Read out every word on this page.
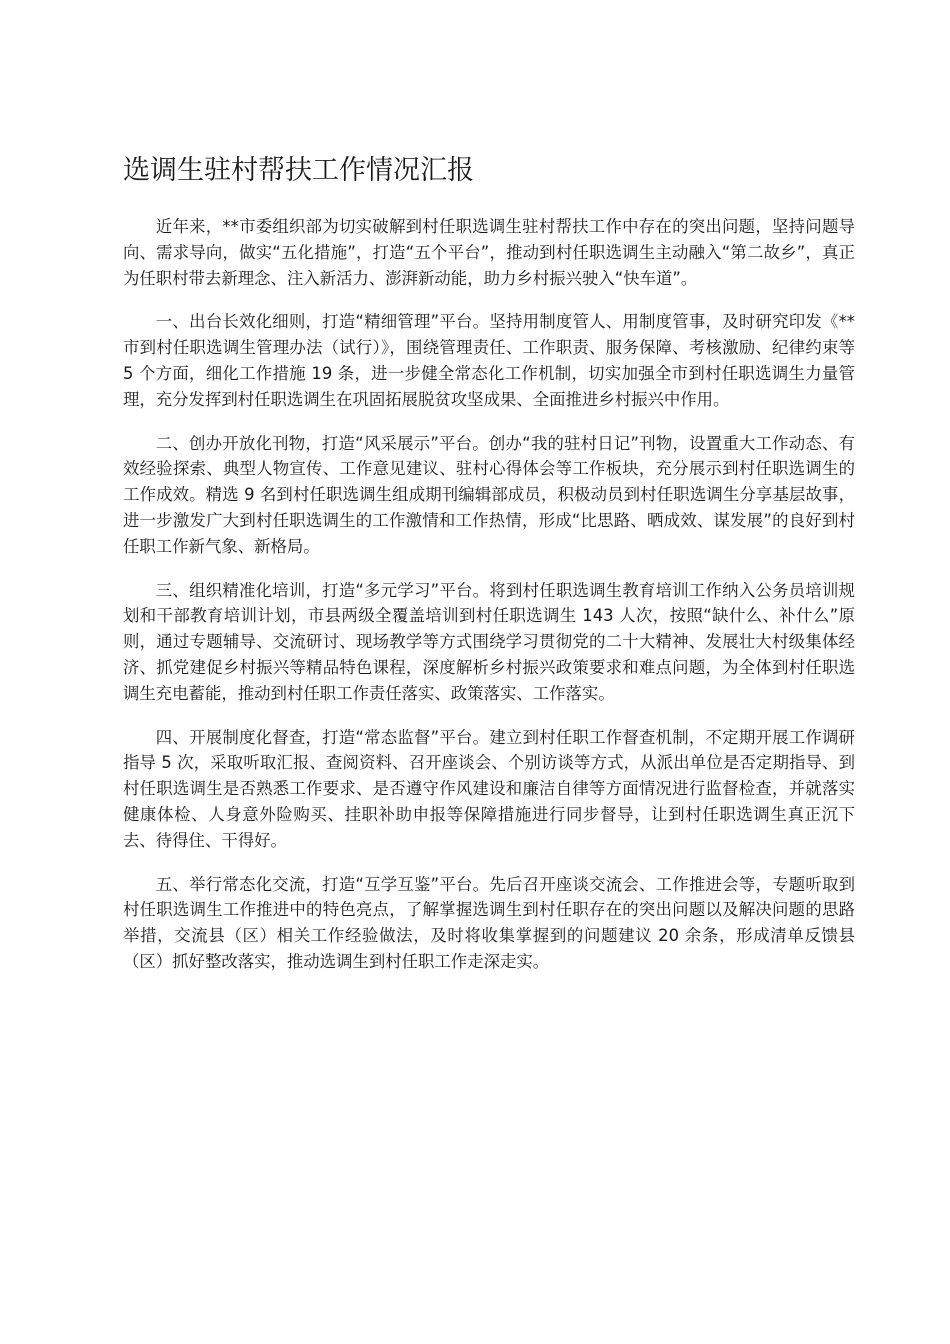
选调生驻村帮扶工作情况汇报

近年来，**市委组织部为切实破解到村任职选调生驻村帮扶工作中存在的突出问题，坚持问题导向、需求导向，做实“五化措施”，打造“五个平台”，推动到村任职选调生主动融入“第二故乡”，真正为任职村带去新理念、注入新活力、澎湃新动能，助力乡村振兴驶入“快车道”。

一、出台长效化细则，打造“精细管理”平台。坚持用制度管人、用制度管事，及时研究印发《**市到村任职选调生管理办法（试行）》，围绕管理责任、工作职责、服务保障、考核激励、纪律约束等 5 个方面，细化工作措施 19 条，进一步健全常态化工作机制，切实加强全市到村任职选调生力量管理，充分发挥到村任职选调生在巩固拓展脱贫攻坚成果、全面推进乡村振兴中作用。

二、创办开放化刊物，打造“风采展示”平台。创办“我的驻村日记”刊物，设置重大工作动态、有效经验探索、典型人物宣传、工作意见建议、驻村心得体会等工作板块，充分展示到村任职选调生的工作成效。精选 9 名到村任职选调生组成期刊编辑部成员，积极动员到村任职选调生分享基层故事，进一步激发广大到村任职选调生的工作激情和工作热情，形成“比思路、晒成效、谋发展”的良好到村任职工作新气象、新格局。

三、组织精准化培训，打造“多元学习”平台。将到村任职选调生教育培训工作纳入公务员培训规划和干部教育培训计划，市县两级全覆盖培训到村任职选调生 143 人次，按照“缺什么、补什么”原则，通过专题辅导、交流研讨、现场教学等方式围绕学习贯彻党的二十大精神、发展壮大村级集体经济、抓党建促乡村振兴等精品特色课程，深度解析乡村振兴政策要求和难点问题，为全体到村任职选调生充电蓄能，推动到村任职工作责任落实、政策落实、工作落实。

四、开展制度化督查，打造“常态监督”平台。建立到村任职工作督查机制，不定期开展工作调研指导 5 次，采取听取汇报、查阅资料、召开座谈会、个别访谈等方式，从派出单位是否定期指导、到村任职选调生是否熟悉工作要求、是否遵守作风建设和廉洁自律等方面情况进行监督检查，并就落实健康体检、人身意外险购买、挂职补助申报等保障措施进行同步督导，让到村任职选调生真正沉下去、待得住、干得好。

五、举行常态化交流，打造“互学互鉴”平台。先后召开座谈交流会、工作推进会等，专题听取到村任职选调生工作推进中的特色亮点，了解掌握选调生到村任职存在的突出问题以及解决问题的思路举措，交流县（区）相关工作经验做法，及时将收集掌握到的问题建议 20 余条，形成清单反馈县（区）抓好整改落实，推动选调生到村任职工作走深走实。
